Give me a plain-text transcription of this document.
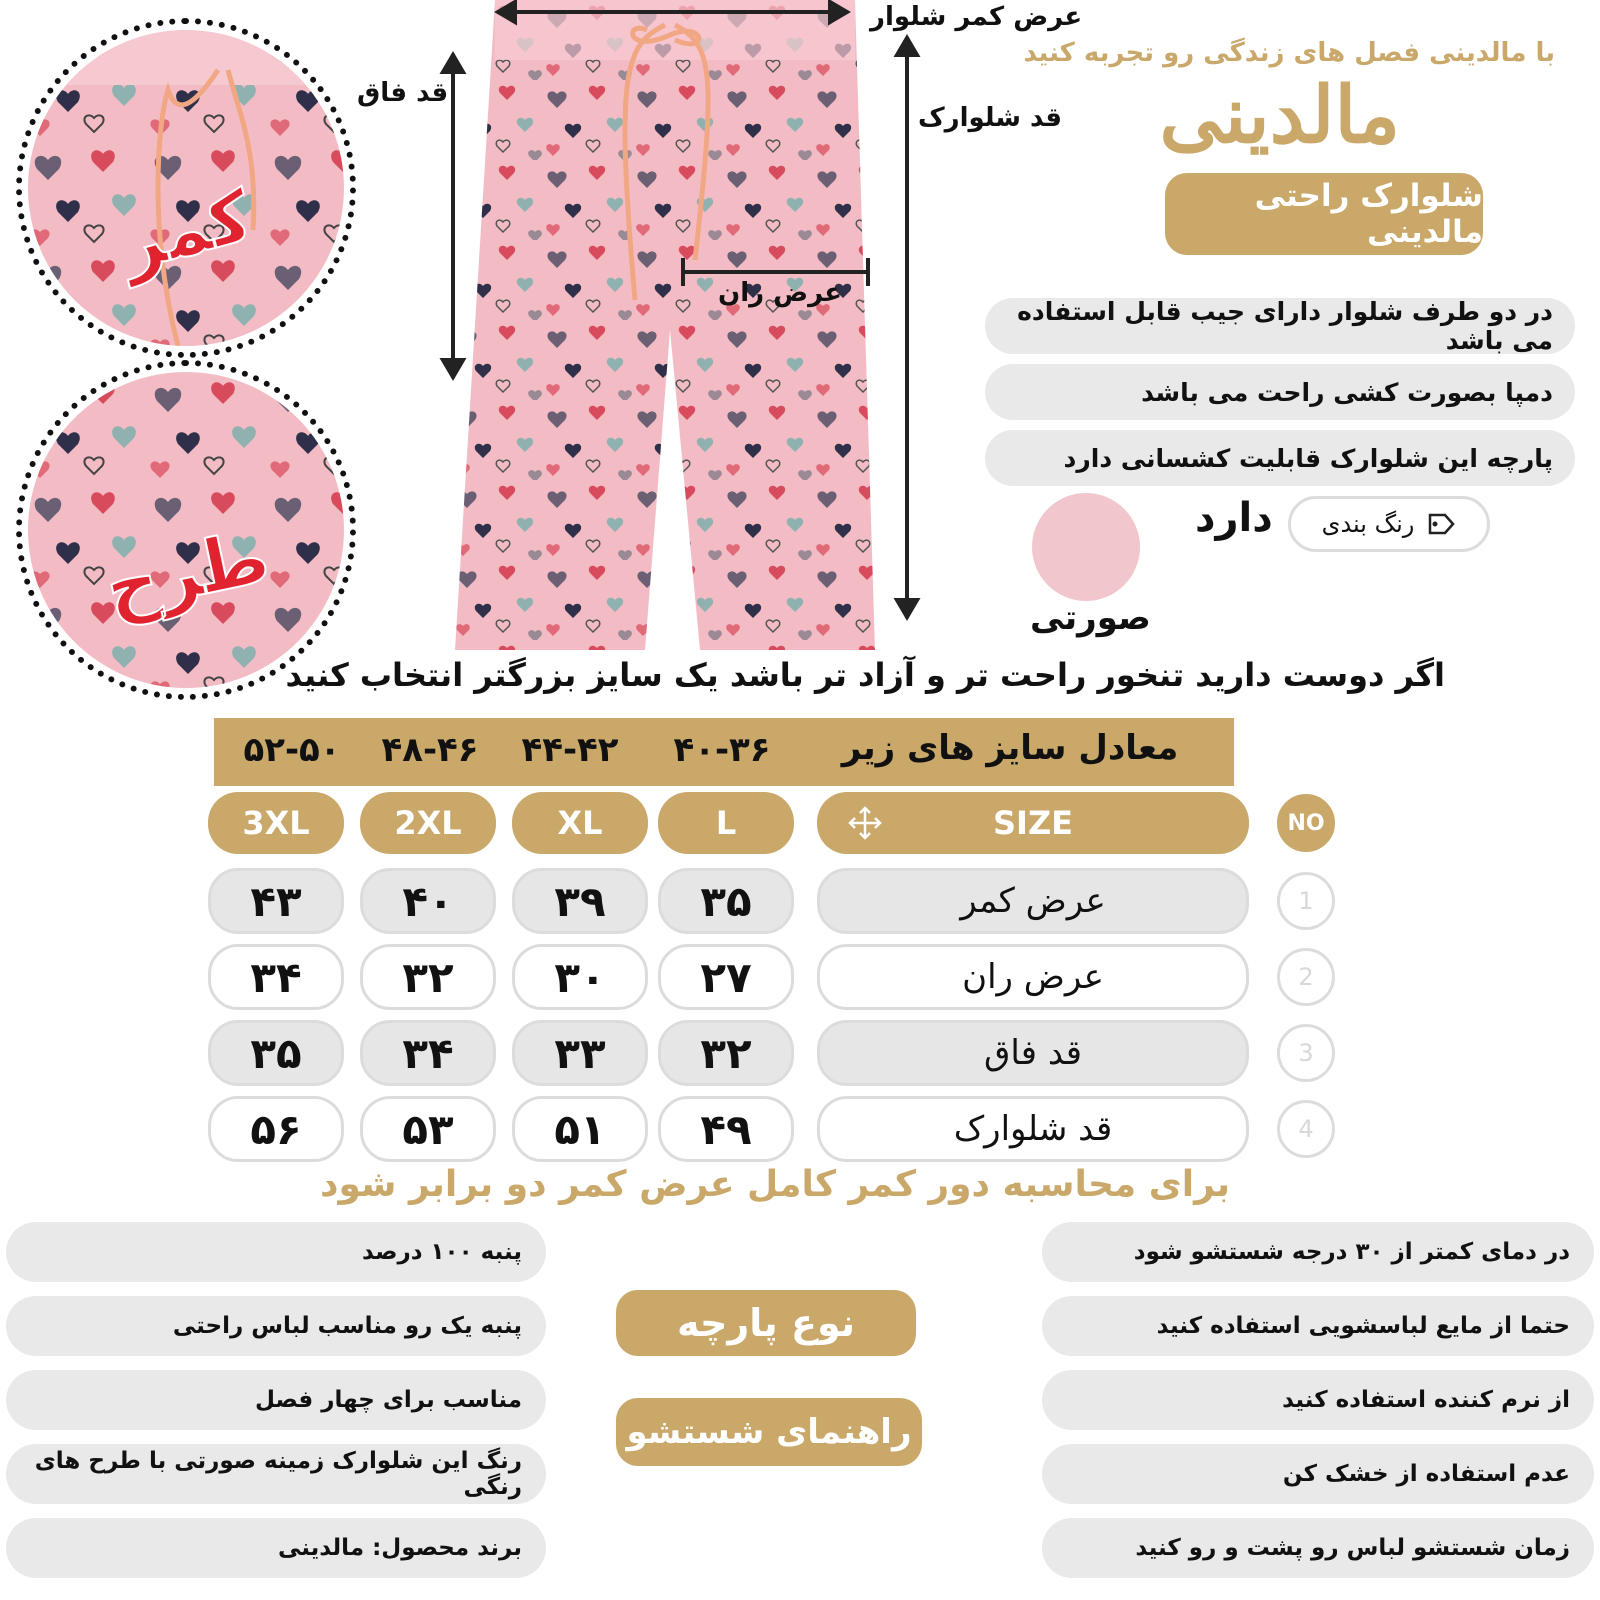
کمر
طرح
عرض کمر شلوار
قد فاق
قد شلوارک
عرض ران
با مالدینی فصل های زندگی رو تجربه کنید
مالدینی
شلوارک راحتی مالدینی
در دو طرف شلوار دارای جیب قابل استفاده می باشد
دمپا بصورت کشی راحت می باشد
پارچه این شلوارک قابلیت کشسانی دارد
رنگ بندی
دارد
صورتی
اگر دوست دارید تنخور راحت تر و آزاد تر باشد یک سایز بزرگتر انتخاب کنید
معادل سایز های زیر
۴۰-۳۶
۴۴-۴۲
۴۸-۴۶
۵۲-۵۰
NO
SIZE
L
XL
2XL
3XL
1
عرض کمر
۳۵
۳۹
۴۰
۴۳
2
عرض ران
۲۷
۳۰
۳۲
۳۴
3
قد فاق
۳۲
۳۳
۳۴
۳۵
4
قد شلوارک
۴۹
۵۱
۵۳
۵۶
برای محاسبه دور کمر کامل عرض کمر دو برابر شود
پنبه ۱۰۰ درصد
پنبه یک رو مناسب لباس راحتی
مناسب برای چهار فصل
رنگ این شلوارک زمینه صورتی با طرح های رنگی
برند محصول: مالدینی
نوع پارچه
راهنمای شستشو
در دمای کمتر از ۳۰ درجه شستشو شود
حتما از مایع لباسشویی استفاده کنید
از نرم کننده استفاده کنید
عدم استفاده از خشک کن
زمان شستشو لباس رو پشت و رو کنید
